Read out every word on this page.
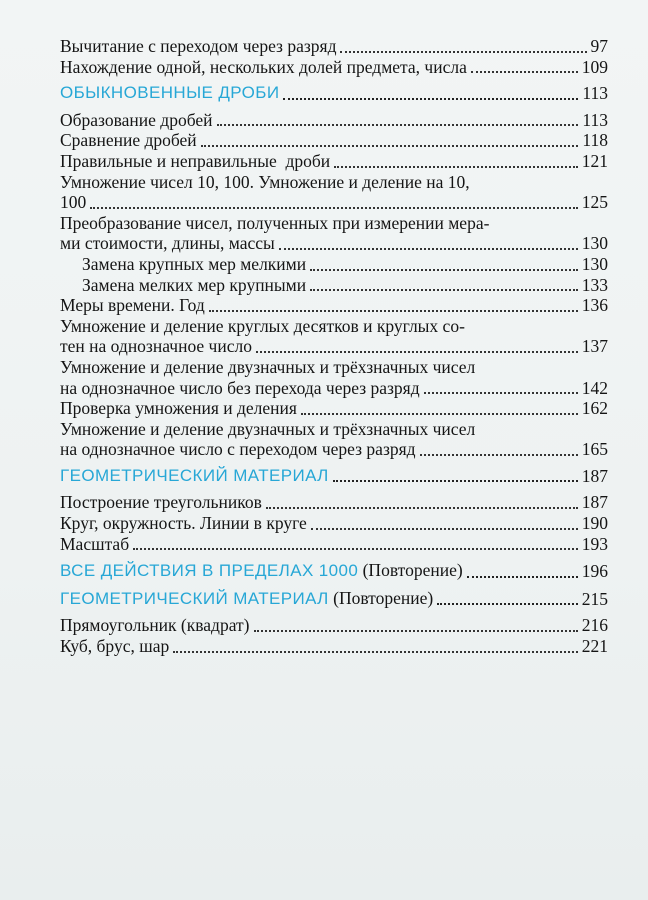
Вычитание с переходом через разряд	97
Нахождение одной, нескольких долей предмета, числа	109
ОБЫКНОВЕННЫЕ ДРОБИ	113
Образование дробей	113
Сравнение дробей	118
Правильные и неправильные  дроби	121
Умножение чисел 10, 100. Умножение и деление на 10,
100	125
Преобразование чисел, полученных при измерении мера-
ми стоимости, длины, массы	130
Замена крупных мер мелкими	130
Замена мелких мер крупными	133
Меры времени. Год	136
Умножение и деление круглых десятков и круглых со-
тен на однозначное число	137
Умножение и деление двузначных и трёхзначных чисел
на однозначное число без перехода через разряд	142
Проверка умножения и деления	162
Умножение и деление двузначных и трёхзначных чисел
на однозначное число с переходом через разряд	165
ГЕОМЕТРИЧЕСКИЙ МАТЕРИАЛ	187
Построение треугольников	187
Круг, окружность. Линии в круге	190
Масштаб	193
ВСЕ ДЕЙСТВИЯ В ПРЕДЕЛАХ 1000 (Повторение)	196
ГЕОМЕТРИЧЕСКИЙ МАТЕРИАЛ (Повторение)	215
Прямоугольник (квадрат)	216
Куб, брус, шар	221
